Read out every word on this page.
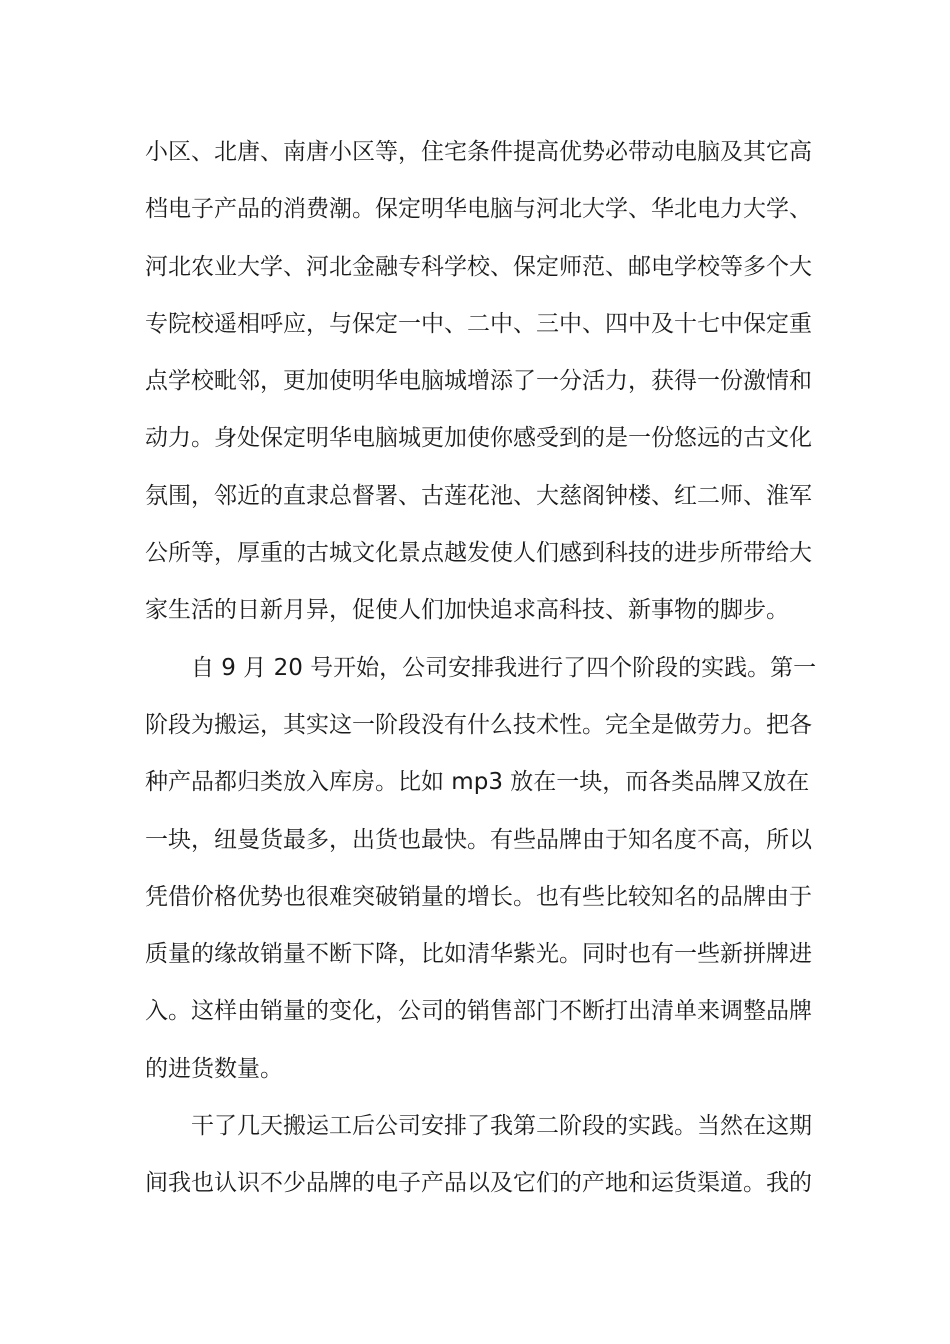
小区、北唐、南唐小区等，住宅条件提高优势必带动电脑及其它高
档电子产品的消费潮。保定明华电脑与河北大学、华北电力大学、
河北农业大学、河北金融专科学校、保定师范、邮电学校等多个大
专院校遥相呼应，与保定一中、二中、三中、四中及十七中保定重
点学校毗邻，更加使明华电脑城增添了一分活力，获得一份激情和
动力。身处保定明华电脑城更加使你感受到的是一份悠远的古文化
氛围，邻近的直隶总督署、古莲花池、大慈阁钟楼、红二师、淮军
公所等，厚重的古城文化景点越发使人们感到科技的进步所带给大
家生活的日新月异，促使人们加快追求高科技、新事物的脚步。
自 9 月 20 号开始，公司安排我进行了四个阶段的实践。第一
阶段为搬运，其实这一阶段没有什么技术性。完全是做劳力。把各
种产品都归类放入库房。比如 mp3 放在一块，而各类品牌又放在
一块，纽曼货最多，出货也最快。有些品牌由于知名度不高，所以
凭借价格优势也很难突破销量的增长。也有些比较知名的品牌由于
质量的缘故销量不断下降，比如清华紫光。同时也有一些新拼牌进
入。这样由销量的变化，公司的销售部门不断打出清单来调整品牌
的进货数量。
干了几天搬运工后公司安排了我第二阶段的实践。当然在这期
间我也认识不少品牌的电子产品以及它们的产地和运货渠道。我的
